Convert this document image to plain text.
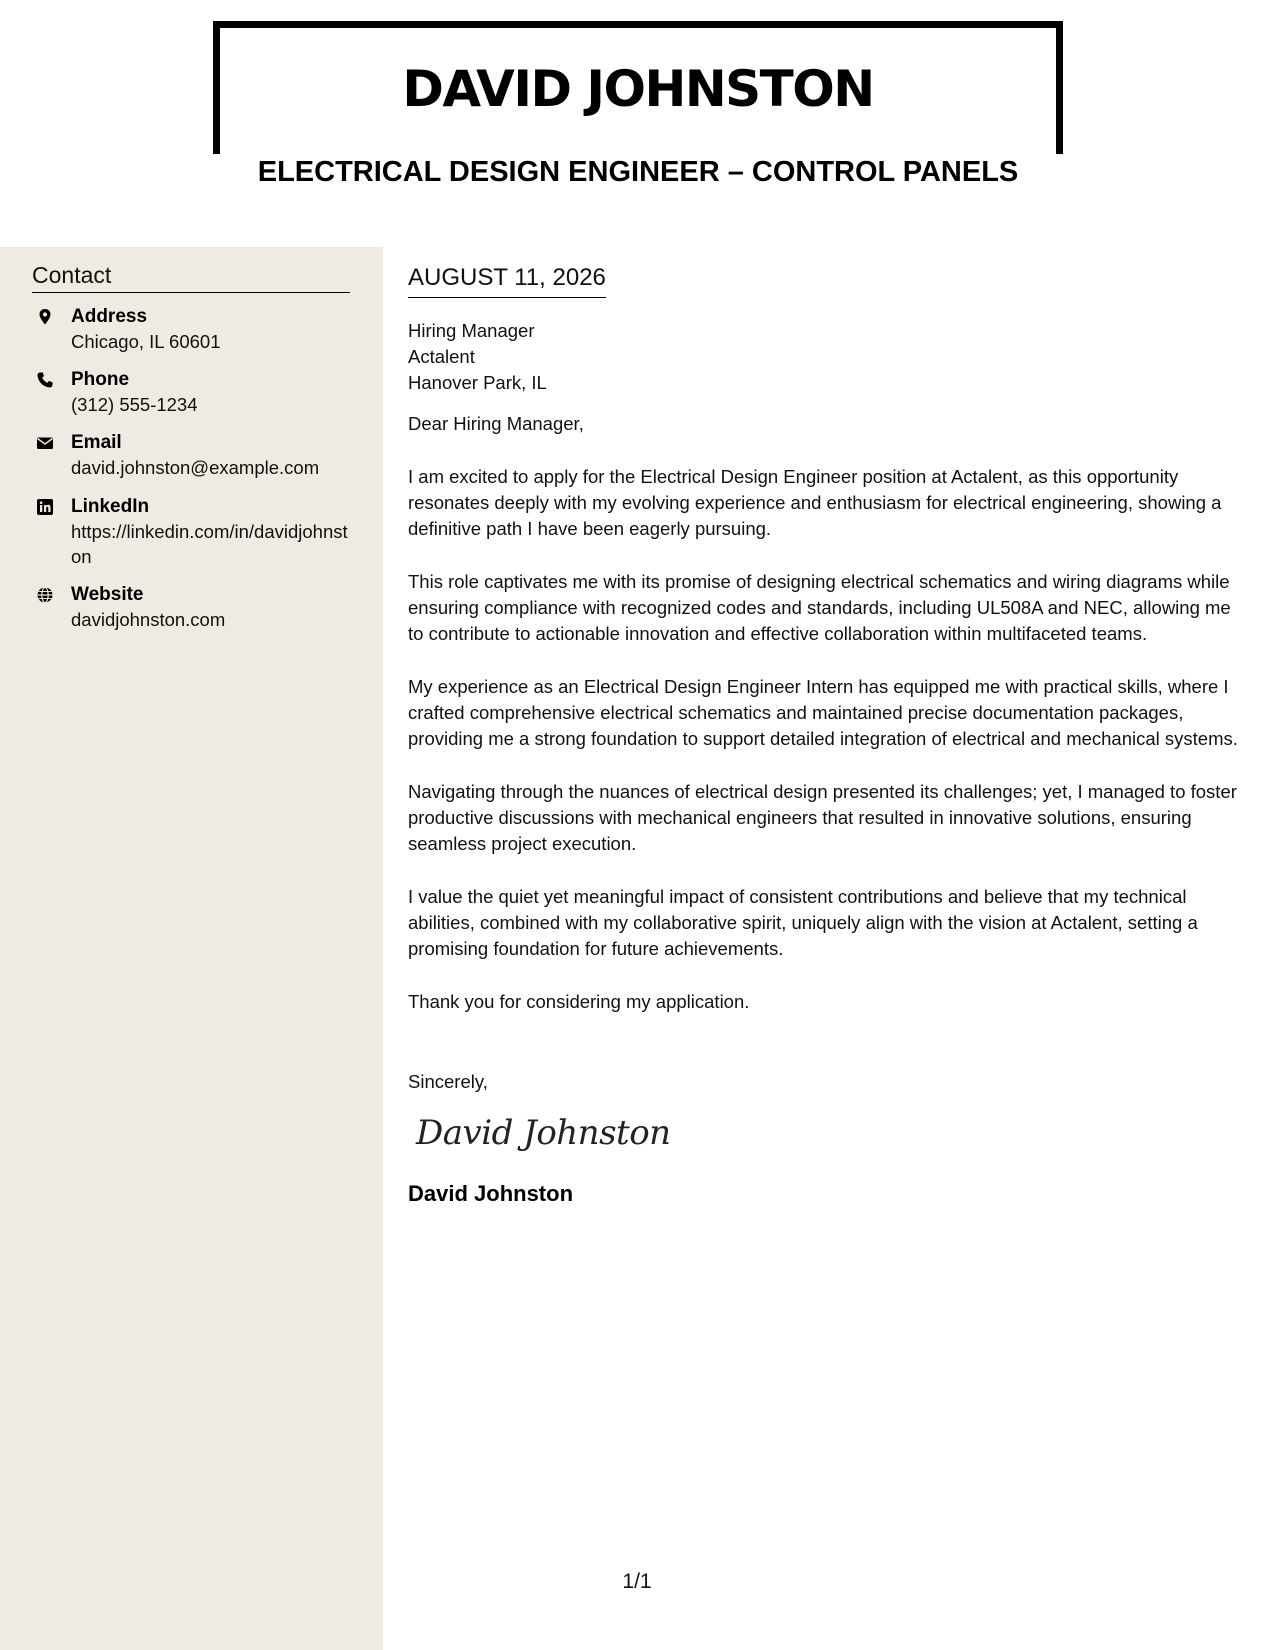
DAVID JOHNSTON
ELECTRICAL DESIGN ENGINEER – CONTROL PANELS
Contact
Address
Chicago, IL 60601
Phone
(312) 555-1234
Email
david.johnston@example.com
LinkedIn
https://linkedin.com/in/davidjohnston
Website
davidjohnston.com
AUGUST 11, 2026
Hiring Manager
Actalent
Hanover Park, IL

Dear Hiring Manager,

I am excited to apply for the Electrical Design Engineer position at Actalent, as this opportunity resonates deeply with my evolving experience and enthusiasm for electrical engineering, showing a definitive path I have been eagerly pursuing.

This role captivates me with its promise of designing electrical schematics and wiring diagrams while ensuring compliance with recognized codes and standards, including UL508A and NEC, allowing me to contribute to actionable innovation and effective collaboration within multifaceted teams.

My experience as an Electrical Design Engineer Intern has equipped me with practical skills, where I crafted comprehensive electrical schematics and maintained precise documentation packages, providing me a strong foundation to support detailed integration of electrical and mechanical systems.

Navigating through the nuances of electrical design presented its challenges; yet, I managed to foster productive discussions with mechanical engineers that resulted in innovative solutions, ensuring seamless project execution.

I value the quiet yet meaningful impact of consistent contributions and believe that my technical abilities, combined with my collaborative spirit, uniquely align with the vision at Actalent, setting a promising foundation for future achievements.

Thank you for considering my application.

Sincerely,
David Johnston
David Johnston
1/1
